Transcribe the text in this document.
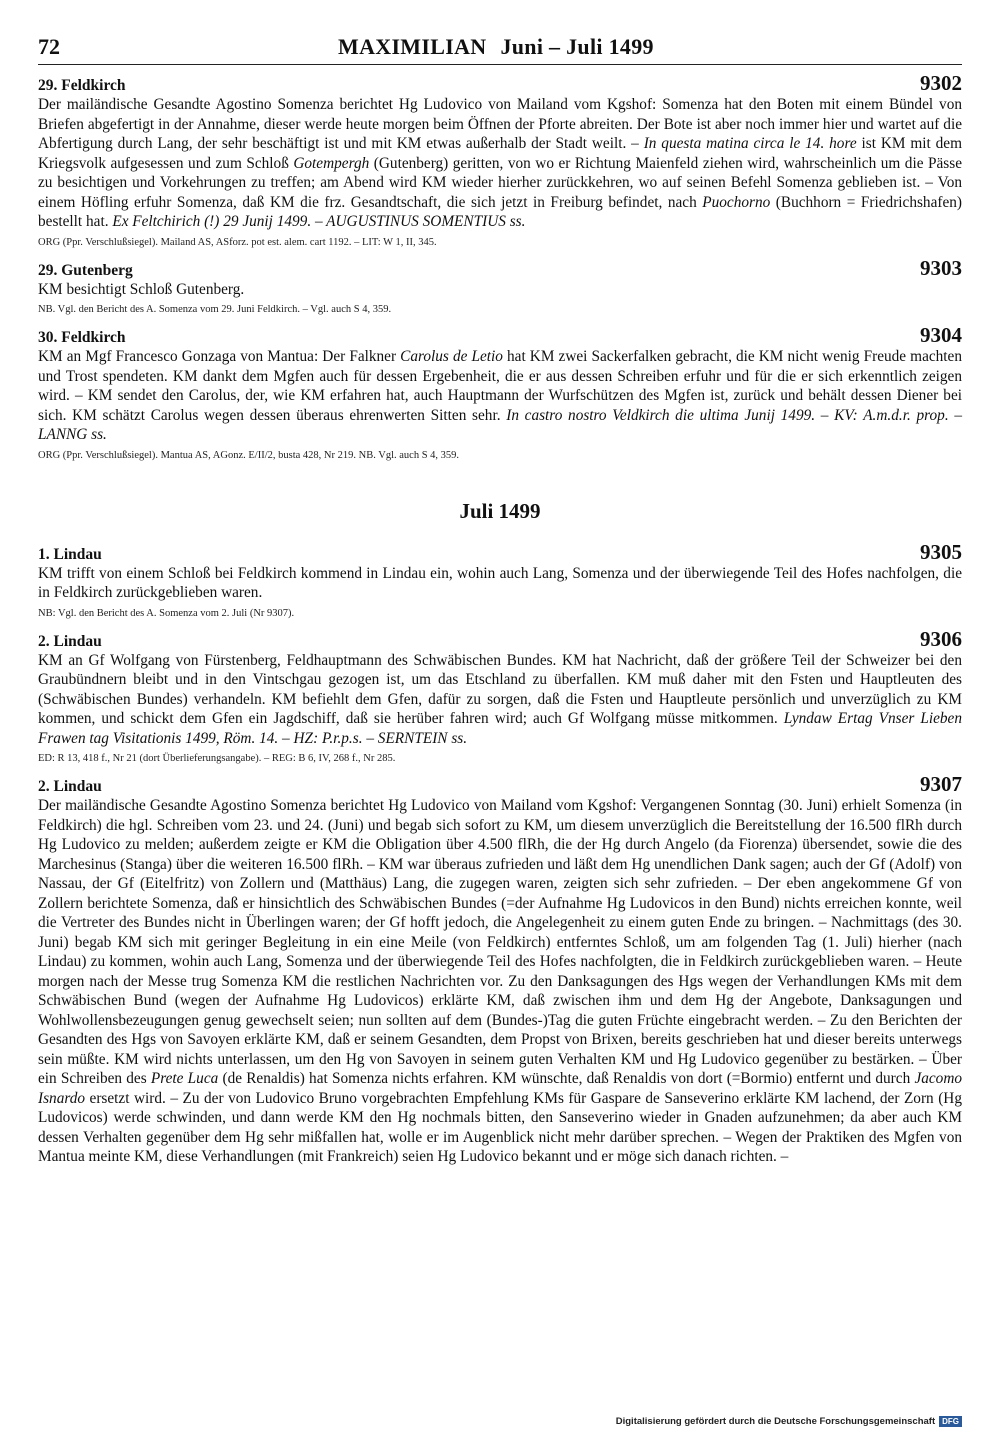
72	MAXIMILIAN Juni – Juli 1499
29. Feldkirch	9302

Der mailändische Gesandte Agostino Somenza berichtet Hg Ludovico von Mailand vom Kgshof: Somenza hat den Boten mit einem Bündel von Briefen abgefertigt in der Annahme, dieser werde heute morgen beim Öffnen der Pforte abreiten. Der Bote ist aber noch immer hier und wartet auf die Abfertigung durch Lang, der sehr beschäftigt ist und mit KM etwas außerhalb der Stadt weilt. – In questa matina circa le 14. hore ist KM mit dem Kriegsvolk aufgesessen und zum Schloß Gotempergh (Gutenberg) geritten, von wo er Richtung Maienfeld ziehen wird, wahrscheinlich um die Pässe zu besichtigen und Vorkehrungen zu treffen; am Abend wird KM wieder hierher zurückkehren, wo auf seinen Befehl Somenza geblieben ist. – Von einem Höfling erfuhr Somenza, daß KM die frz. Gesandtschaft, die sich jetzt in Freiburg befindet, nach Puochorno (Buchhorn = Friedrichshafen) bestellt hat. Ex Feltchirich (!) 29 Junij 1499. – AUGUSTINUS SOMENTIUS ss.

ORG (Ppr. Verschlußsiegel). Mailand AS, ASforz. pot est. alem. cart 1192. – LIT: W 1, II, 345.
29. Gutenberg	9303

KM besichtigt Schloß Gutenberg.

NB. Vgl. den Bericht des A. Somenza vom 29. Juni Feldkirch. – Vgl. auch S 4, 359.
30. Feldkirch	9304

KM an Mgf Francesco Gonzaga von Mantua: Der Falkner Carolus de Letio hat KM zwei Sackerfalken gebracht, die KM nicht wenig Freude machten und Trost spendeten. KM dankt dem Mgfen auch für dessen Ergebenheit, die er aus dessen Schreiben erfuhr und für die er sich erkenntlich zeigen wird. – KM sendet den Carolus, der, wie KM erfahren hat, auch Hauptmann der Wurfschützen des Mgfen ist, zurück und behält dessen Diener bei sich. KM schätzt Carolus wegen dessen überaus ehrenwerten Sitten sehr. In castro nostro Veldkirch die ultima Junij 1499. – KV: A.m.d.r. prop. – LANNG ss.

ORG (Ppr. Verschlußsiegel). Mantua AS, AGonz. E/II/2, busta 428, Nr 219. NB. Vgl. auch S 4, 359.
Juli 1499
1. Lindau	9305

KM trifft von einem Schloß bei Feldkirch kommend in Lindau ein, wohin auch Lang, Somenza und der überwiegende Teil des Hofes nachfolgen, die in Feldkirch zurückgeblieben waren.

NB: Vgl. den Bericht des A. Somenza vom 2. Juli (Nr 9307).
2. Lindau	9306

KM an Gf Wolfgang von Fürstenberg, Feldhauptmann des Schwäbischen Bundes. KM hat Nachricht, daß der größere Teil der Schweizer bei den Graubündnern bleibt und in den Vintschgau gezogen ist, um das Etschland zu überfallen. KM muß daher mit den Fsten und Hauptleuten des (Schwäbischen Bundes) verhandeln. KM befiehlt dem Gfen, dafür zu sorgen, daß die Fsten und Hauptleute persönlich und unverzüglich zu KM kommen, und schickt dem Gfen ein Jagdschiff, daß sie herüber fahren wird; auch Gf Wolfgang müsse mitkommen. Lyndaw Ertag Vnser Lieben Frawen tag Visitationis 1499, Röm. 14. – HZ: P.r.p.s. – SERNTEIN ss.

ED: R 13, 418 f., Nr 21 (dort Überlieferungsangabe). – REG: B 6, IV, 268 f., Nr 285.
2. Lindau	9307

Der mailändische Gesandte Agostino Somenza berichtet Hg Ludovico von Mailand vom Kgshof: Vergangenen Sonntag (30. Juni) erhielt Somenza (in Feldkirch) die hgl. Schreiben vom 23. und 24. (Juni) und begab sich sofort zu KM, um diesem unverzüglich die Bereitstellung der 16.500 flRh durch Hg Ludovico zu melden; außerdem zeigte er KM die Obligation über 4.500 flRh, die der Hg durch Angelo (da Fiorenza) übersendet, sowie die des Marchesinus (Stanga) über die weiteren 16.500 flRh. – KM war überaus zufrieden und läßt dem Hg unendlichen Dank sagen; auch der Gf (Adolf) von Nassau, der Gf (Eitelfritz) von Zollern und (Matthäus) Lang, die zugegen waren, zeigten sich sehr zufrieden. – Der eben angekommene Gf von Zollern berichtete Somenza, daß er hinsichtlich des Schwäbischen Bundes (=der Aufnahme Hg Ludovicos in den Bund) nichts erreichen konnte, weil die Vertreter des Bundes nicht in Überlingen waren; der Gf hofft jedoch, die Angelegenheit zu einem guten Ende zu bringen. – Nachmittags (des 30. Juni) begab KM sich mit geringer Begleitung in ein eine Meile (von Feldkirch) entferntes Schloß, um am folgenden Tag (1. Juli) hierher (nach Lindau) zu kommen, wohin auch Lang, Somenza und der überwiegende Teil des Hofes nachfolgten, die in Feldkirch zurückgeblieben waren. – Heute morgen nach der Messe trug Somenza KM die restlichen Nachrichten vor. Zu den Danksagungen des Hgs wegen der Verhandlungen KMs mit dem Schwäbischen Bund (wegen der Aufnahme Hg Ludovicos) erklärte KM, daß zwischen ihm und dem Hg der Angebote, Danksagungen und Wohlwollensbezeugungen genug gewechselt seien; nun sollten auf dem (Bundes-)Tag die guten Früchte eingebracht werden. – Zu den Berichten der Gesandten des Hgs von Savoyen erklärte KM, daß er seinem Gesandten, dem Propst von Brixen, bereits geschrieben hat und dieser bereits unterwegs sein müßte. KM wird nichts unterlassen, um den Hg von Savoyen in seinem guten Verhalten KM und Hg Ludovico gegenüber zu bestärken. – Über ein Schreiben des Prete Luca (de Renaldis) hat Somenza nichts erfahren. KM wünschte, daß Renaldis von dort (=Bormio) entfernt und durch Jacomo Isnardo ersetzt wird. – Zu der von Ludovico Bruno vorgebrachten Empfehlung KMs für Gaspare de Sanseverino erklärte KM lachend, der Zorn (Hg Ludovicos) werde schwinden, und dann werde KM den Hg nochmals bitten, den Sanseverino wieder in Gnaden aufzunehmen; da aber auch KM dessen Verhalten gegenüber dem Hg sehr mißfallen hat, wolle er im Augenblick nicht mehr darüber sprechen. – Wegen der Praktiken des Mgfen von Mantua meinte KM, diese Verhandlungen (mit Frankreich) seien Hg Ludovico bekannt und er möge sich danach richten. –

Digitalisierung gefördert durch die Deutsche Forschungsgemeinschaft DFG
